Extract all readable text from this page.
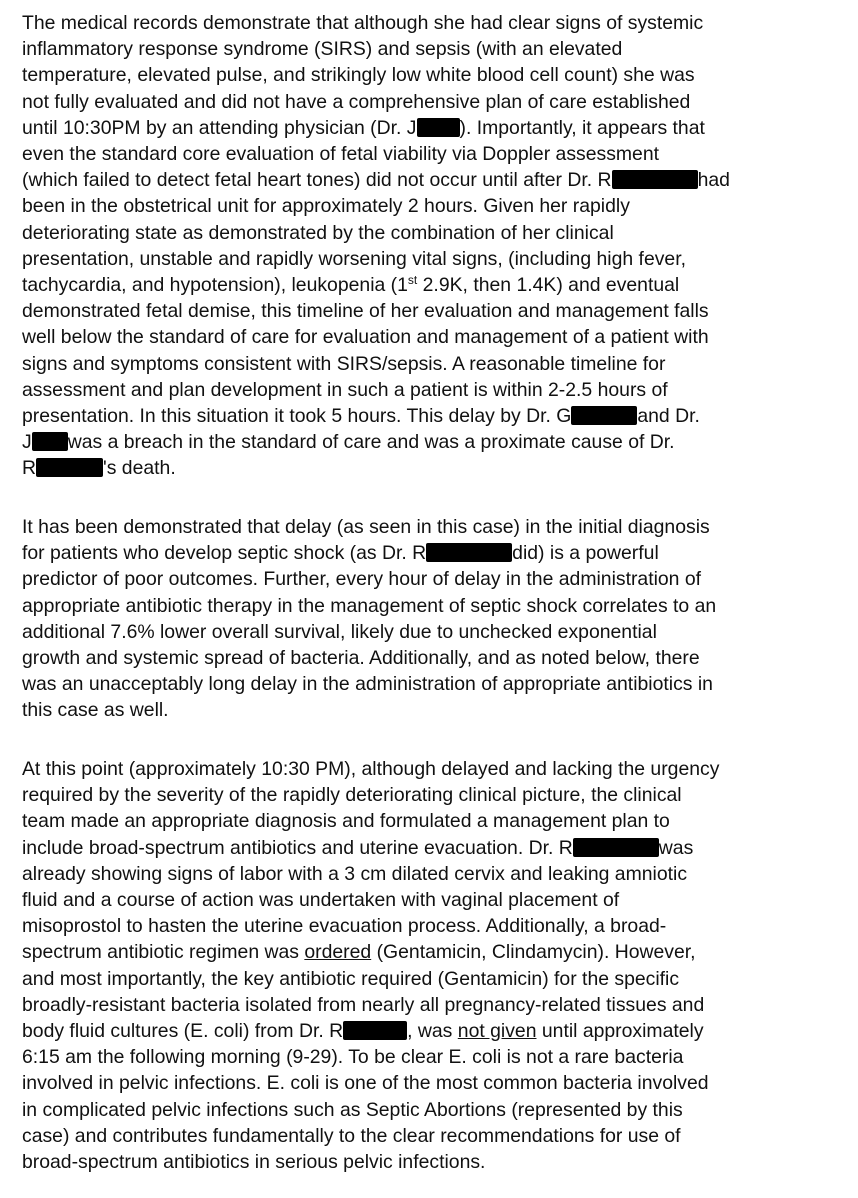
The medical records demonstrate that although she had clear signs of systemic
inflammatory response syndrome (SIRS) and sepsis (with an elevated
temperature, elevated pulse, and strikingly low white blood cell count) she was
not fully evaluated and did not have a comprehensive plan of care established
until 10:30PM by an attending physician (Dr. J ). Importantly, it appears that
even the standard core evaluation of fetal viability via Doppler assessment
(which failed to detect fetal heart tones) did not occur until after Dr. R	had
been in the obstetrical unit for approximately 2 hours. Given her rapidly
deteriorating state as demonstrated by the combination of her clinical
presentation, unstable and rapidly worsening vital signs, (including high fever,
tachycardia, and hypotension), leukopenia (1st 2.9K, then 1.4K) and eventual
demonstrated fetal demise, this timeline of her evaluation and management falls
well below the standard of care for evaluation and management of a patient with
signs and symptoms consistent with SIRS/sepsis. A reasonable timeline for
assessment and plan development in such a patient is within 2-2.5 hours of
presentation. In this situation it took 5 hours. This delay by Dr. G	and Dr.
J was a breach in the standard of care and was a proximate cause of Dr.
R	's death.
It has been demonstrated that delay (as seen in this case) in the initial diagnosis
for patients who develop septic shock (as Dr. R	did) is a powerful
predictor of poor outcomes. Further, every hour of delay in the administration of
appropriate antibiotic therapy in the management of septic shock correlates to an
additional 7.6% lower overall survival, likely due to unchecked exponential
growth and systemic spread of bacteria. Additionally, and as noted below, there
was an unacceptably long delay in the administration of appropriate antibiotics in
this case as well.
At this point (approximately 10:30 PM), although delayed and lacking the urgency
required by the severity of the rapidly deteriorating clinical picture, the clinical
team made an appropriate diagnosis and formulated a management plan to
include broad-spectrum antibiotics and uterine evacuation. Dr. R	was
already showing signs of labor with a 3 cm dilated cervix and leaking amniotic
fluid and a course of action was undertaken with vaginal placement of
misoprostol to hasten the uterine evacuation process. Additionally, a broad-
spectrum antibiotic regimen was ordered (Gentamicin, Clindamycin). However,
and most importantly, the key antibiotic required (Gentamicin) for the specific
broadly-resistant bacteria isolated from nearly all pregnancy-related tissues and
body fluid cultures (E. coli) from Dr. R	, was not given until approximately
6:15 am the following morning (9-29). To be clear E. coli is not a rare bacteria
involved in pelvic infections. E. coli is one of the most common bacteria involved
in complicated pelvic infections such as Septic Abortions (represented by this
case) and contributes fundamentally to the clear recommendations for use of
broad-spectrum antibiotics in serious pelvic infections.
